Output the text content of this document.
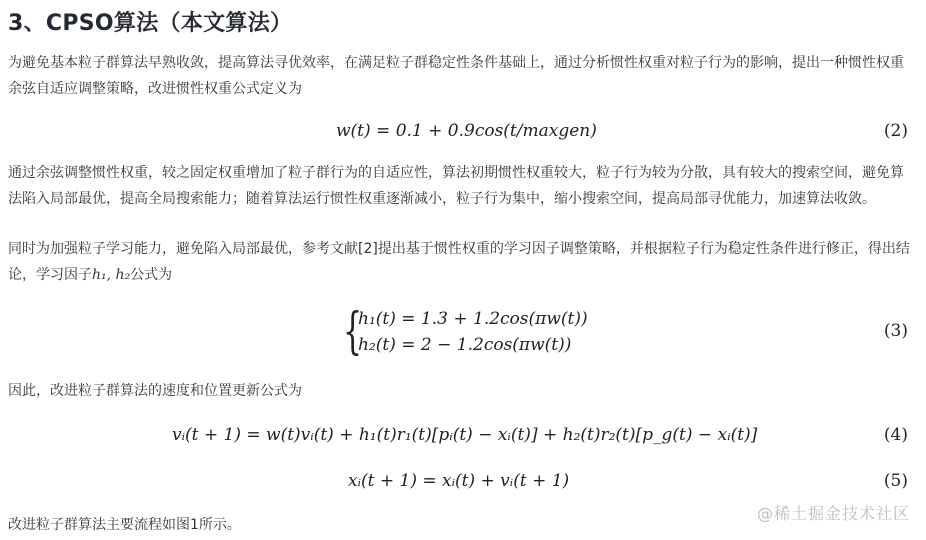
3、CPSO算法（本文算法）
为避免基本粒子群算法早熟收敛，提高算法寻优效率，在满足粒子群稳定性条件基础上，通过分析惯性权重对粒子行为的影响，提出一种惯性权重余弦自适应调整策略，改进惯性权重公式定义为
w(t) = 0.1 + 0.9cos(t/maxgen)	(2)
通过余弦调整惯性权重，较之固定权重增加了粒子群行为的自适应性，算法初期惯性权重较大，粒子行为较为分散，具有较大的搜索空间，避免算法陷入局部最优，提高全局搜索能力；随着算法运行惯性权重逐渐减小，粒子行为集中，缩小搜索空间，提高局部寻优能力，加速算法收敛。
同时为加强粒子学习能力，避免陷入局部最优，参考文献[2]提出基于惯性权重的学习因子调整策略，并根据粒子行为稳定性条件进行修正，得出结论，学习因子h₁, h₂公式为
{
h₁(t) = 1.3 + 1.2cos(πw(t))
h₂(t) = 2 − 1.2cos(πw(t))
(3)
因此，改进粒子群算法的速度和位置更新公式为
vᵢ(t + 1) = w(t)vᵢ(t) + h₁(t)r₁(t)[pᵢ(t) − xᵢ(t)] + h₂(t)r₂(t)[p_g(t) − xᵢ(t)]	(4)
xᵢ(t + 1) = xᵢ(t) + vᵢ(t + 1)	(5)
改进粒子群算法主要流程如图1所示。
@稀土掘金技术社区
